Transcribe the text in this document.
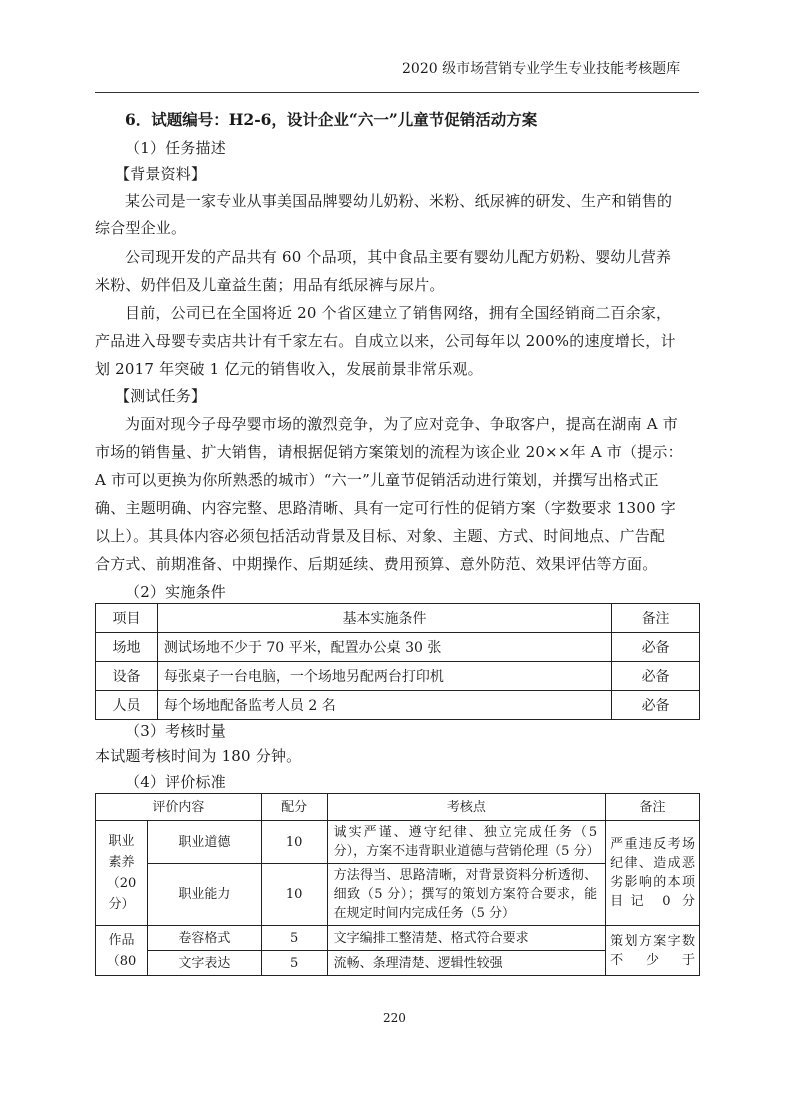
2020 级市场营销专业学生专业技能考核题库
6．试题编号：H2-6，设计企业“六一”儿童节促销活动方案
（1）任务描述
【背景资料】
某公司是一家专业从事美国品牌婴幼儿奶粉、米粉、纸尿裤的研发、生产和销售的
综合型企业。
公司现开发的产品共有 60 个品项，其中食品主要有婴幼儿配方奶粉、婴幼儿营养
米粉、奶伴侣及儿童益生菌；用品有纸尿裤与尿片。
目前，公司已在全国将近 20 个省区建立了销售网络，拥有全国经销商二百余家，
产品进入母婴专卖店共计有千家左右。自成立以来，公司每年以 200%的速度增长，计
划 2017 年突破 1 亿元的销售收入，发展前景非常乐观。
【测试任务】
为面对现今子母孕婴市场的激烈竞争，为了应对竞争、争取客户，提高在湖南 A 市
市场的销售量、扩大销售，请根据促销方案策划的流程为该企业 20××年 A 市（提示：
A 市可以更换为你所熟悉的城市）“六一”儿童节促销活动进行策划，并撰写出格式正
确、主题明确、内容完整、思路清晰、具有一定可行性的促销方案（字数要求 1300 字
以上）。其具体内容必须包括活动背景及目标、对象、主题、方式、时间地点、广告配
合方式、前期准备、中期操作、后期延续、费用预算、意外防范、效果评估等方面。
（2）实施条件
项目	基本实施条件	备注
场地	测试场地不少于 70 平米，配置办公桌 30 张	必备
设备	每张桌子一台电脑，一个场地另配两台打印机	必备
人员	每个场地配备监考人员 2 名	必备
（3）考核时量
本试题考核时间为 180 分钟。
（4）评价标准
评价内容		配分	考核点	备注

职业
素养
（20
分）	职业道德	10	诚实严谨、遵守纪律、独立完成任务（5 分），方案不违背职业道德与营销伦理（5 分）	严重违反考场纪律、造成恶劣影响的本项目记 0 分
	职业能力	10	方法得当、思路清晰，对背景资料分析透彻、细致（5 分）；撰写的策划方案符合要求，能在规定时间内完成任务（5 分）	

作品
（80	卷容格式	5	文字编排工整清楚、格式符合要求	策划方案字数不少于
	文字表达	5	流畅、条理清楚、逻辑性较强	
220
